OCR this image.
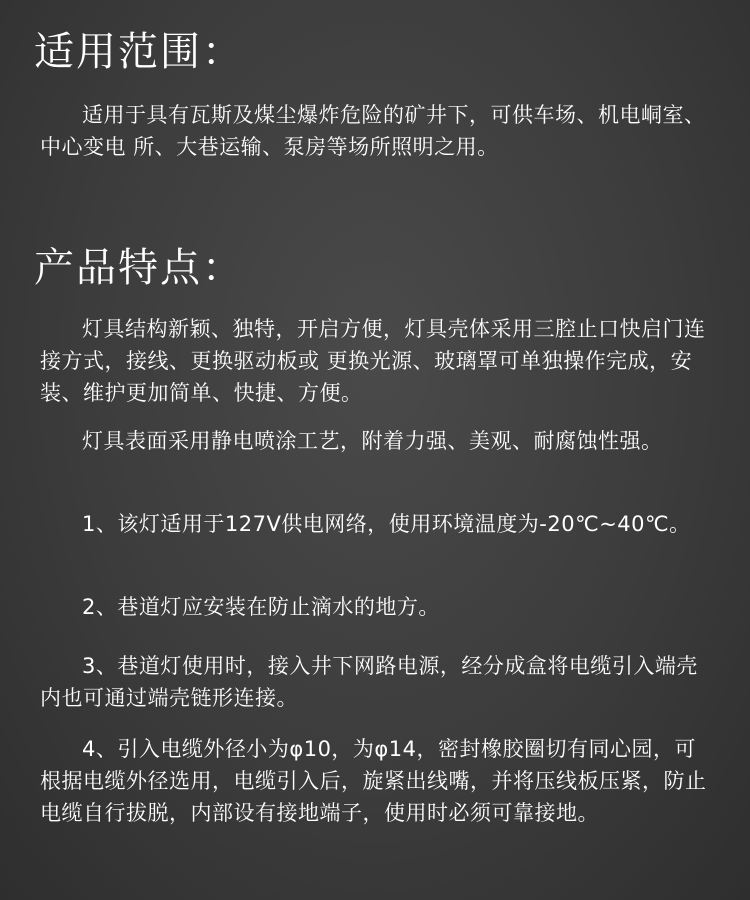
适用范围：

适用于具有瓦斯及煤尘爆炸危险的矿井下，可供车场、机电峒室、中心变电 所、大巷运输、泵房等场所照明之用。

产品特点：

灯具结构新颖、独特，开启方便，灯具壳体采用三腔止口快启门连接方式，接线、更换驱动板或 更换光源、玻璃罩可单独操作完成，安装、维护更加简单、快捷、方便。

灯具表面采用静电喷涂工艺，附着力强、美观、耐腐蚀性强。

1、该灯适用于127V供电网络，使用环境温度为-20℃~40℃。

2、巷道灯应安装在防止滴水的地方。

3、巷道灯使用时，接入井下网路电源，经分成盒将电缆引入端壳内也可通过端壳链形连接。

4、引入电缆外径小为φ10，为φ14，密封橡胶圈切有同心园，可根据电缆外径选用，电缆引入后，旋紧出线嘴，并将压线板压紧，防止电缆自行拔脱，内部设有接地端子，使用时必须可靠接地。
